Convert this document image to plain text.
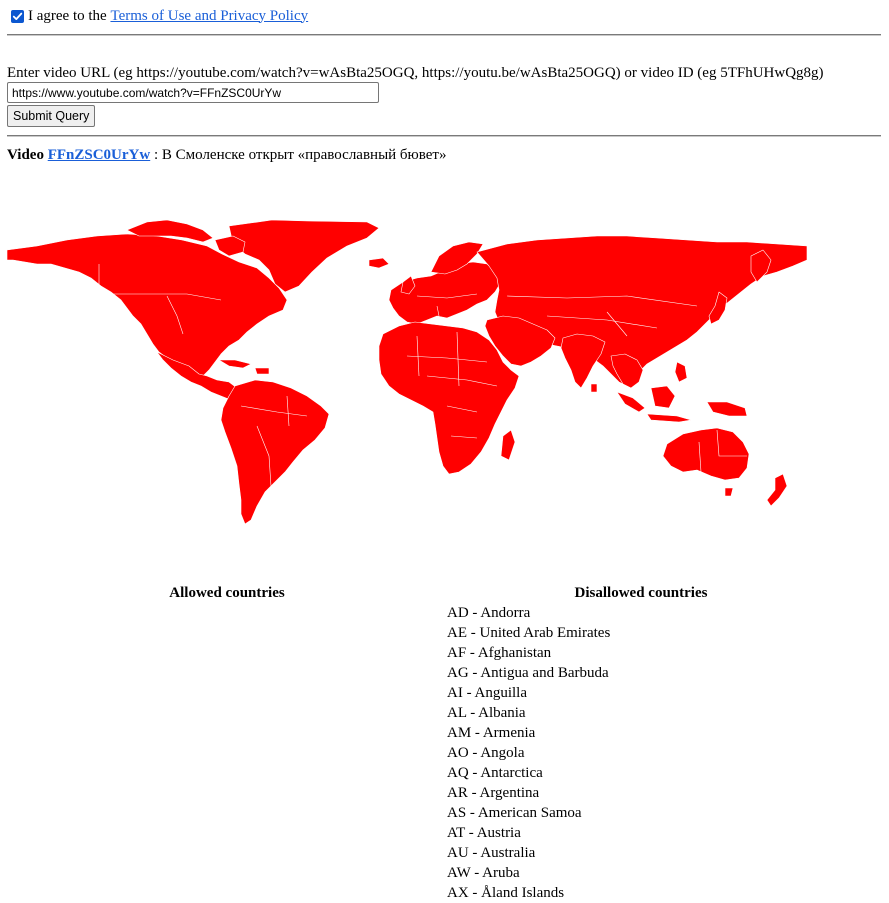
I agree to the
Terms of Use and Privacy Policy
Enter video URL (eg https://youtube.com/watch?v=wAsBta25OGQ, https://youtu.be/wAsBta25OGQ) or video ID (eg 5TFhUHwQg8g)
https://www.youtube.com/watch?v=FFnZSC0UrYw
Submit Query
Video FFnZSC0UrYw : В Смоленске открыт «православный бювет»
Allowed countries	Disallowed countries
AD - Andorra
AE - United Arab Emirates
AF - Afghanistan
AG - Antigua and Barbuda
AI - Anguilla
AL - Albania
AM - Armenia
AO - Angola
AQ - Antarctica
AR - Argentina
AS - American Samoa
AT - Austria
AU - Australia
AW - Aruba
AX - Åland Islands
